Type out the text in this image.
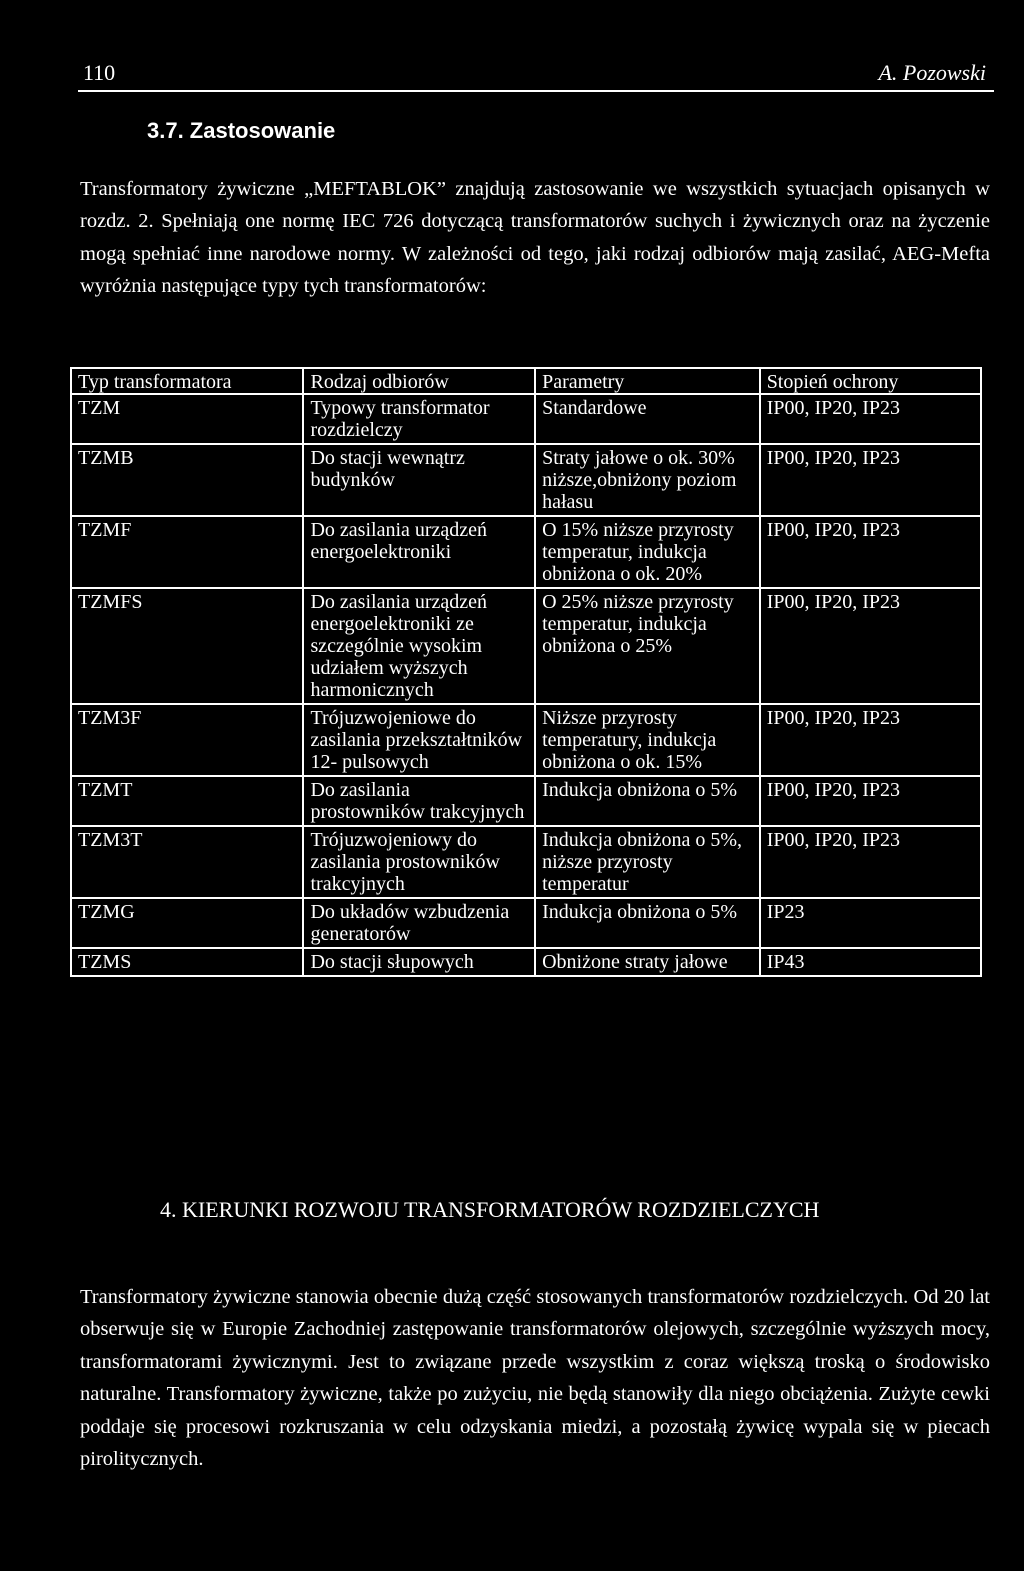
110	A. Pozowski
3.7. Zastosowanie

Transformatory żywiczne „MEFTABLOK” znajdują zastosowanie we wszystkich sytuacjach opisanych w rozdz. 2. Spełniają one normę IEC 726 dotyczącą transformatorów suchych i żywicznych oraz na życzenie mogą spełniać inne narodowe normy. W zależności od tego, jaki rodzaj odbiorów mają zasilać, AEG-Mefta wyróżnia następujące typy tych transformatorów:

Typ transformatora	Rodzaj odbiorów	Parametry	Stopień ochrony
TZM	Typowy transformator rozdzielczy	Standardowe	IP00, IP20, IP23
TZMB	Do stacji wewnątrz budynków	Straty jałowe o ok. 30% niższe,obniżony poziom hałasu	IP00, IP20, IP23
TZMF	Do zasilania urządzeń energoelektroniki	O 15% niższe przyrosty temperatur, indukcja obniżona o ok. 20%	IP00, IP20, IP23
TZMFS	Do zasilania urządzeń energoelektroniki ze szczególnie wysokim udziałem wyższych harmonicznych	O 25% niższe przyrosty temperatur, indukcja obniżona o 25%	IP00, IP20, IP23
TZM3F	Trójuzwojeniowe do zasilania przekształtników 12- pulsowych	Niższe przyrosty temperatury, indukcja obniżona o ok. 15%	IP00, IP20, IP23
TZMT	Do zasilania prostowników trakcyjnych	Indukcja obniżona o 5%	IP00, IP20, IP23
TZM3T	Trójuzwojeniowy do zasilania prostowników trakcyjnych	Indukcja obniżona o 5%, niższe przyrosty temperatur	IP00, IP20, IP23
TZMG	Do układów wzbudzenia generatorów	Indukcja obniżona o 5%	IP23
TZMS	Do stacji słupowych	Obniżone straty jałowe	IP43
4. KIERUNKI ROZWOJU TRANSFORMATORÓW ROZDZIELCZYCH

Transformatory żywiczne stanowia obecnie dużą część stosowanych transformatorów rozdzielczych. Od 20 lat obserwuje się w Europie Zachodniej zastępowanie transformatorów olejowych, szczególnie wyższych mocy, transformatorami żywicznymi. Jest to związane przede wszystkim z coraz większą troską o środowisko naturalne. Transformatory żywiczne, także po zużyciu, nie będą stanowiły dla niego obciążenia. Zużyte cewki poddaje się procesowi rozkruszania w celu odzyskania miedzi, a pozostałą żywicę wypala się w piecach pirolitycznych.
